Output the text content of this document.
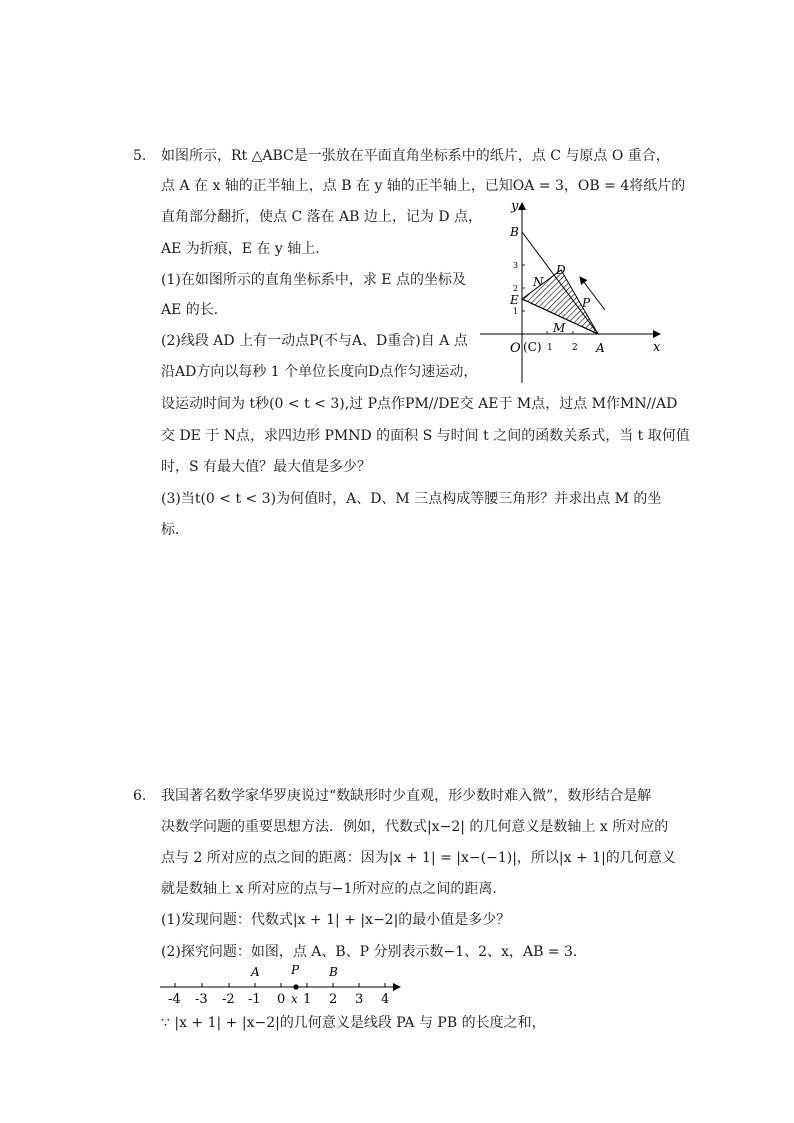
5. 如图所示，Rt △ABC是一张放在平面直角坐标系中的纸片，点 C 与原点 O 重合，
点 A 在 x 轴的正半轴上，点 B 在 y 轴的正半轴上，已知OA = 3，OB = 4将纸片的
直角部分翻折，使点 C 落在 AB 边上，记为 D 点，
AE 为折痕，E 在 y 轴上．
(1)在如图所示的直角坐标系中，求 E 点的坐标及
AE 的长．
(2)线段 AD 上有一动点P(不与A、D重合)自 A 点
沿AD方向以每秒 1 个单位长度向D点作匀速运动，
设运动时间为 t秒(0 < t < 3),过 P点作PM//DE交 AE于 M点，过点 M作MN//AD
交 DE 于 N点，求四边形 PMND 的面积 S 与时间 t 之间的函数关系式，当 t 取何值
时，S 有最大值？最大值是多少？
(3)当t(0 < t < 3)为何值时，A、D、M 三点构成等腰三角形？并求出点 M 的坐
标．
y
x
B
D
N
E	P
M
A
O (C)
3
2
1
1 2
6. 我国著名数学家华罗庚说过“数缺形时少直观，形少数时难入微”，数形结合是解
决数学问题的重要思想方法．例如，代数式|x−2| 的几何意义是数轴上 x 所对应的
点与 2 所对应的点之间的距离：因为|x + 1| = |x−(−1)|，所以|x + 1|的几何意义
就是数轴上 x 所对应的点与−1所对应的点之间的距离．
(1)发现问题：代数式|x + 1| + |x−2|的最小值是多少？
(2)探究问题：如图，点 A、B、P 分别表示数−1、2、x，AB = 3．
A	P B
-4 -3 -2 -1 0 x 1 2 3 4
∵ |x + 1| + |x−2|的几何意义是线段 PA 与 PB 的长度之和，
